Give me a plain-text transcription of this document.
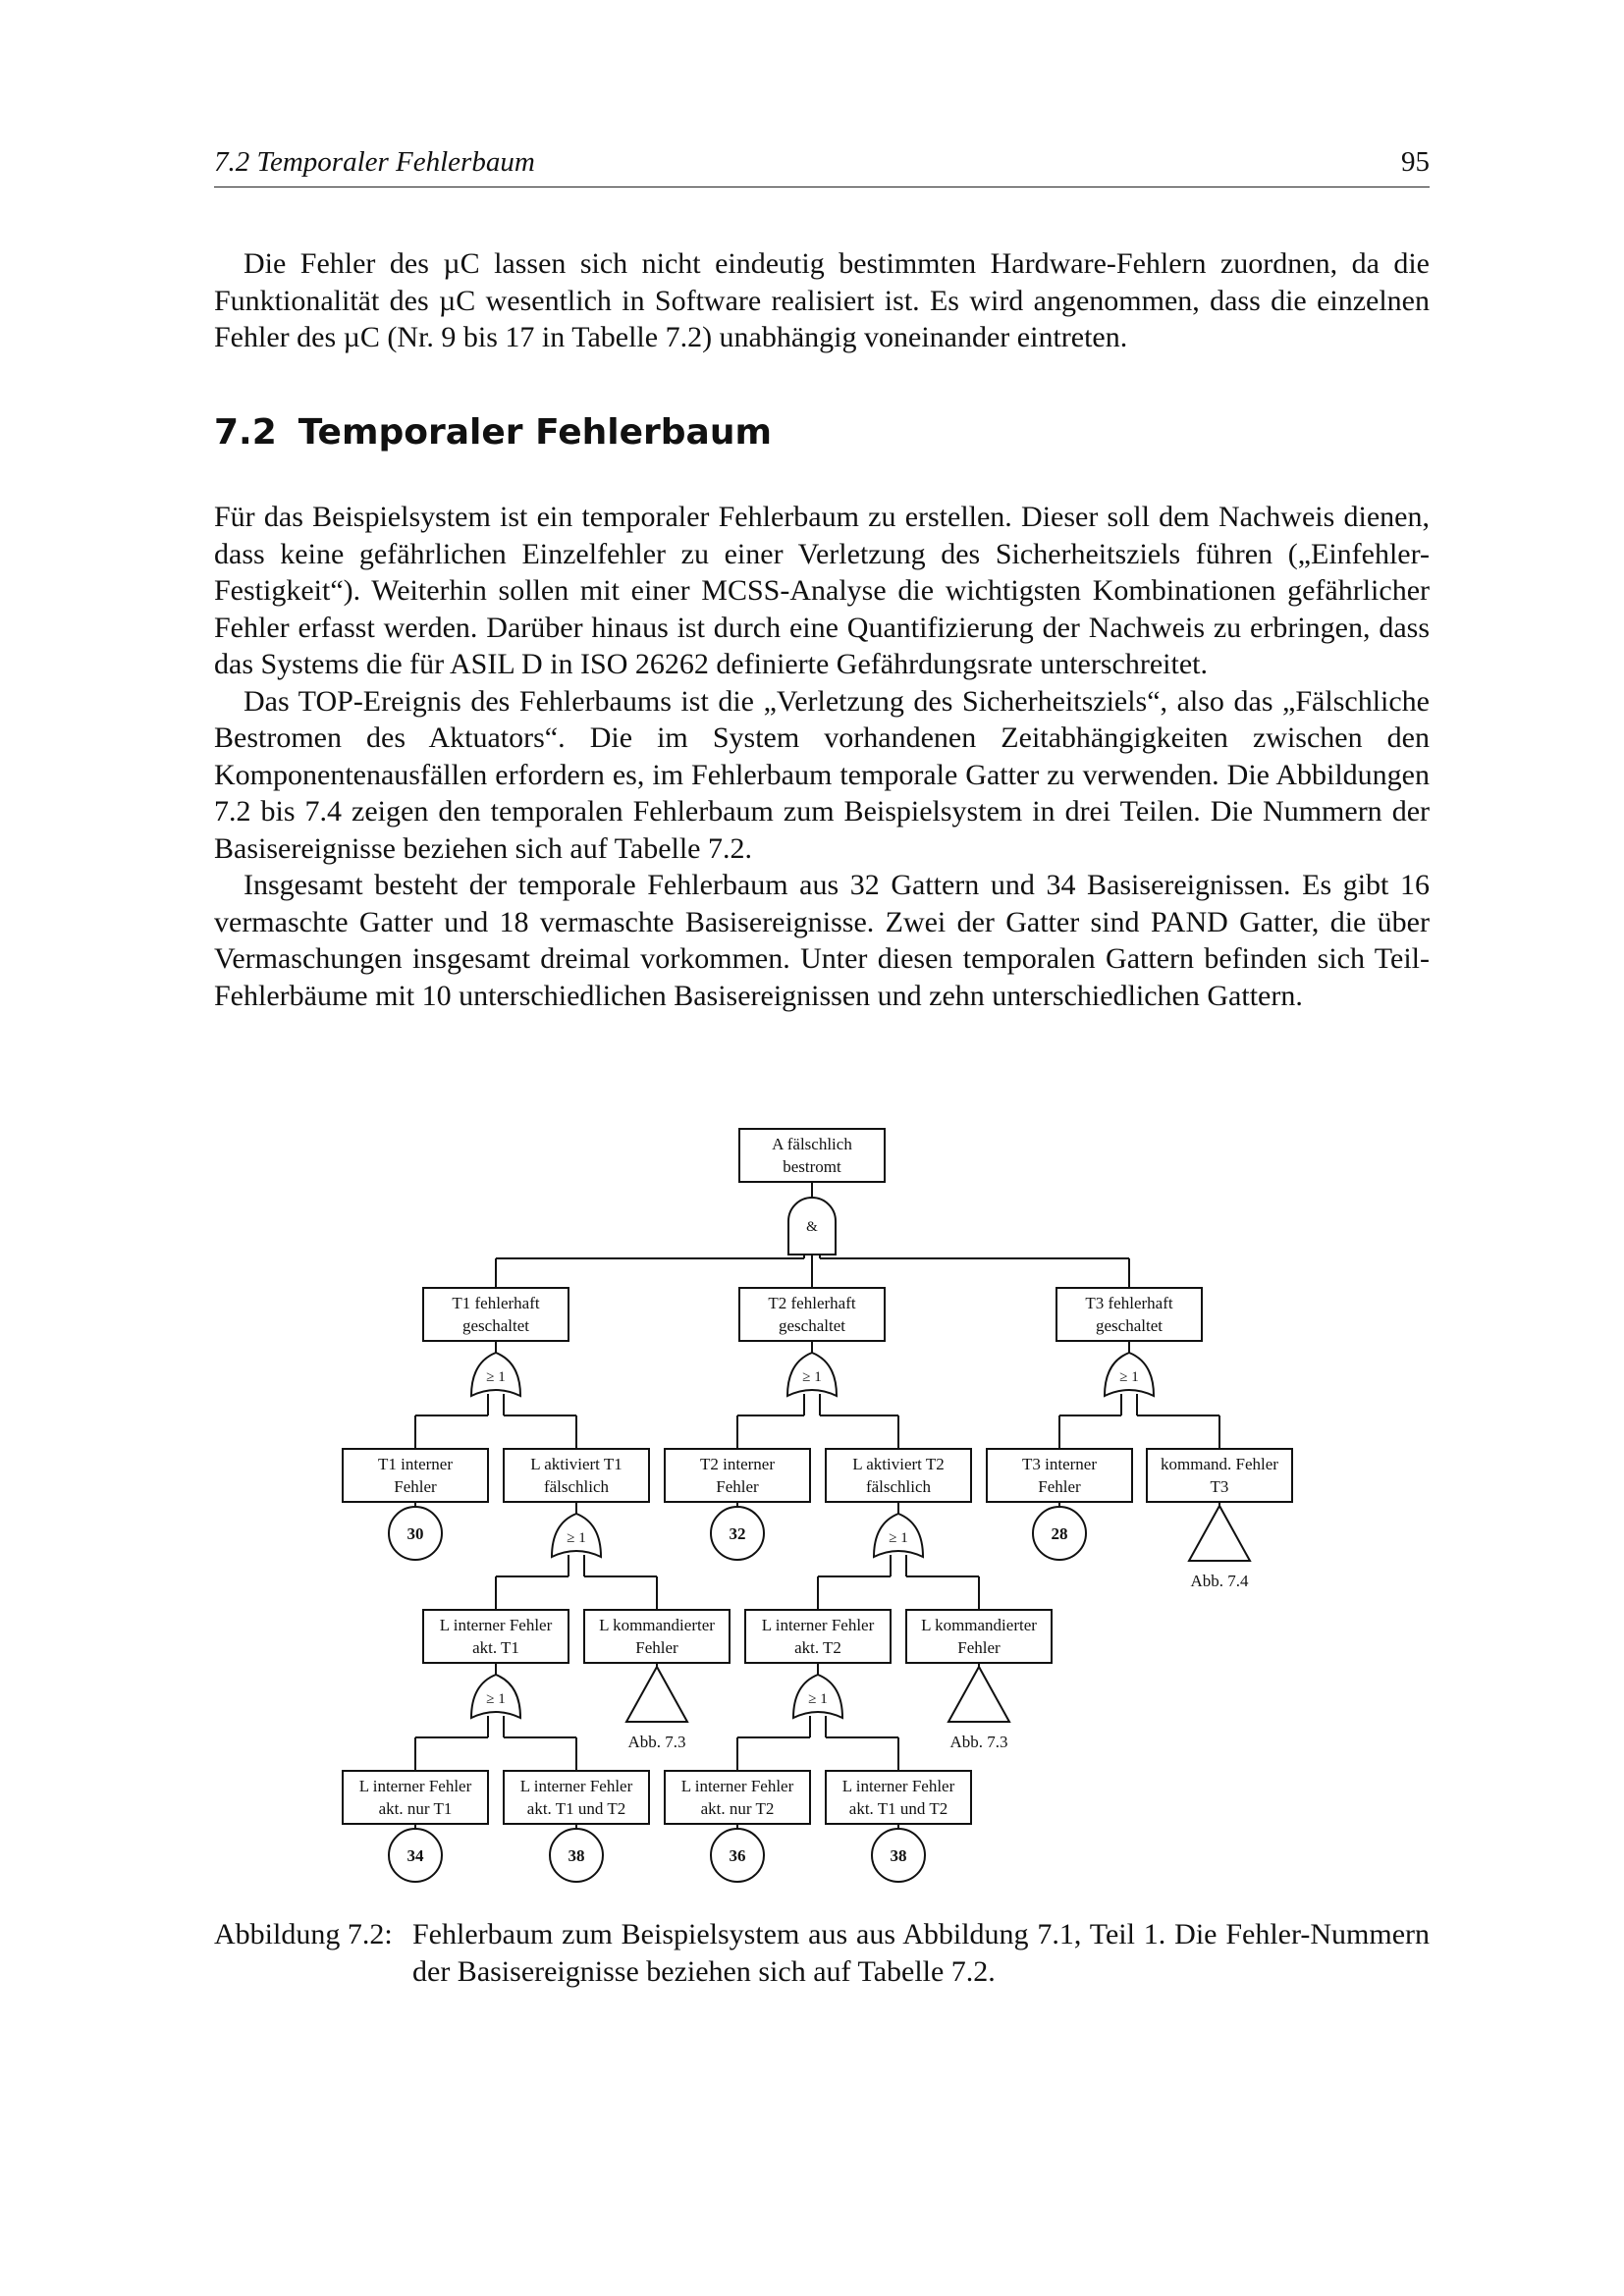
7.2 Temporaler Fehlerbaum	95

Die Fehler des µC lassen sich nicht eindeutig bestimmten Hardware-Fehlern zuordnen, da die Funktionalität des µC wesentlich in Software realisiert ist. Es wird angenommen, dass die einzelnen Fehler des µC (Nr. 9 bis 17 in Tabelle 7.2) unabhängig voneinander eintreten.

7.2 Temporaler Fehlerbaum

Für das Beispielsystem ist ein temporaler Fehlerbaum zu erstellen. Dieser soll dem Nachweis dienen, dass keine gefährlichen Einzelfehler zu einer Verletzung des Sicherheitsziels führen („Einfehler-Festigkeit“). Weiterhin sollen mit einer MCSS-Analyse die wichtigsten Kombinationen gefährlicher Fehler erfasst werden. Darüber hinaus ist durch eine Quantifizierung der Nachweis zu erbringen, dass das Systems die für ASIL D in ISO 26262 definierte Gefährdungsrate unterschreitet.

Das TOP-Ereignis des Fehlerbaums ist die „Verletzung des Sicherheitsziels“, also das „Fälschliche Bestromen des Aktuators“. Die im System vorhandenen Zeitabhängigkeiten zwischen den Komponentenausfällen erfordern es, im Fehlerbaum temporale Gatter zu verwenden. Die Abbildungen 7.2 bis 7.4 zeigen den temporalen Fehlerbaum zum Beispielsystem in drei Teilen. Die Nummern der Basisereignisse beziehen sich auf Tabelle 7.2.

Insgesamt besteht der temporale Fehlerbaum aus 32 Gattern und 34 Basisereignissen. Es gibt 16 vermaschte Gatter und 18 vermaschte Basisereignisse. Zwei der Gatter sind PAND Gatter, die über Vermaschungen insgesamt dreimal vorkommen. Unter diesen temporalen Gattern befinden sich Teil-Fehlerbäume mit 10 unterschiedlichen Basisereignissen und zehn unterschiedlichen Gattern.

A fälschlich
bestromt
&
T1 fehlerhaft
geschaltet
≥ 1
T2 fehlerhaft
geschaltet
≥ 1
T3 fehlerhaft
geschaltet
≥ 1
T1 interner
Fehler
L aktiviert T1
fälschlich
T2 interner
Fehler
L aktiviert T2
fälschlich
T3 interner
Fehler
kommand. Fehler
T3
30	32	28
Abb. 7.4
≥ 1	≥ 1
L interner Fehler
akt. T1
L kommandierter
Fehler
L interner Fehler
akt. T2
L kommandierter
Fehler
Abb. 7.3	Abb. 7.3
≥ 1	≥ 1
L interner Fehler
akt. nur T1
34
L interner Fehler
akt. T1 und T2
38
L interner Fehler
akt. nur T2
36
L interner Fehler
akt. T1 und T2
38
Abbildung 7.2: Fehlerbaum zum Beispielsystem aus aus Abbildung 7.1, Teil 1. Die Fehler-Nummern der Basisereignisse beziehen sich auf Tabelle 7.2.
